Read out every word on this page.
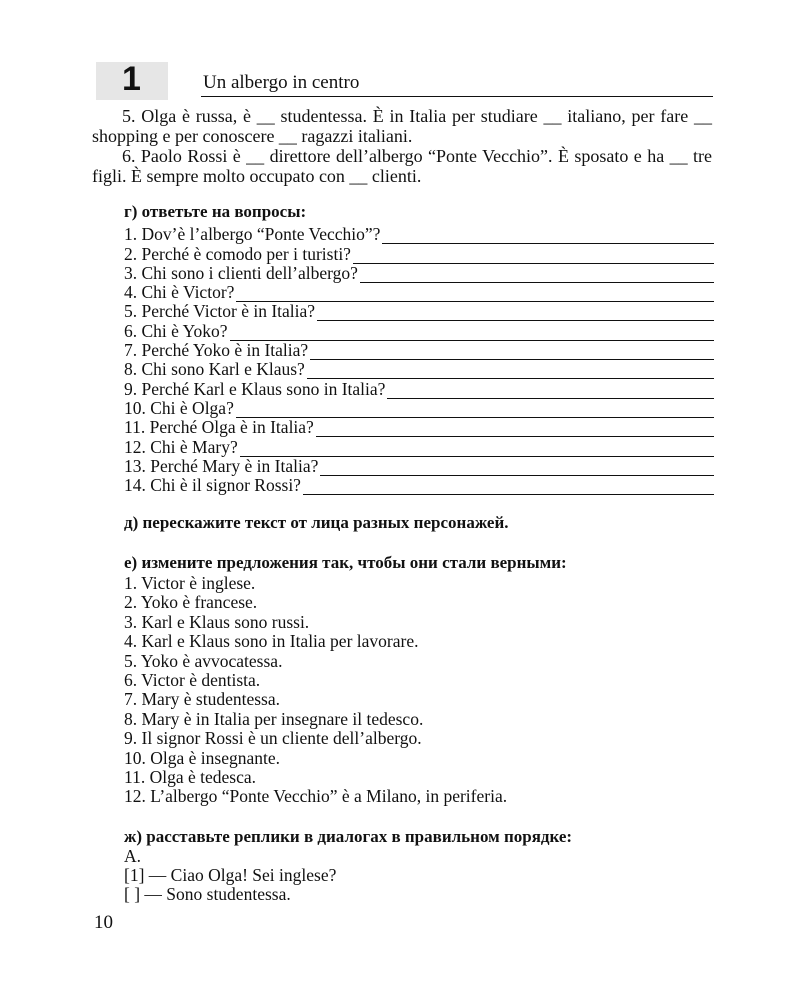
1	Un albergo in centro

5. Olga è russa, è __ studentessa. È in Italia per studiare __ italiano, per fare __ shopping e per conoscere __ ragazzi italiani.

6. Paolo Rossi è __ direttore dell’albergo “Ponte Vecchio”. È sposato e ha __ tre figli. È sempre molto occupato con __ clienti.

г) ответьте на вопросы:
1. Dov’è l’albergo “Ponte Vecchio”?
2. Perché è comodo per i turisti?
3. Chi sono i clienti dell’albergo?
4. Chi è Victor?
5. Perché Victor è in Italia?
6. Chi è Yoko?
7. Perché Yoko è in Italia?
8. Chi sono Karl e Klaus?
9. Perché Karl e Klaus sono in Italia?
10. Chi è Olga?
11. Perché Olga è in Italia?
12. Chi è Mary?
13. Perché Mary è in Italia?
14. Chi è il signor Rossi?
д) перескажите текст от лица разных персонажей.
е) измените предложения так, чтобы они стали верными:
1. Victor è inglese.
2. Yoko è francese.
3. Karl e Klaus sono russi.
4. Karl e Klaus sono in Italia per lavorare.
5. Yoko è avvocatessa.
6. Victor è dentista.
7. Mary è studentessa.
8. Mary è in Italia per insegnare il tedesco.
9. Il signor Rossi è un cliente dell’albergo.
10. Olga è insegnante.
11. Olga è tedesca.
12. L’albergo “Ponte Vecchio” è a Milano, in periferia.
ж) расставьте реплики в диалогах в правильном порядке:
A.
[1] — Ciao Olga! Sei inglese?
[ ] — Sono studentessa.
10
